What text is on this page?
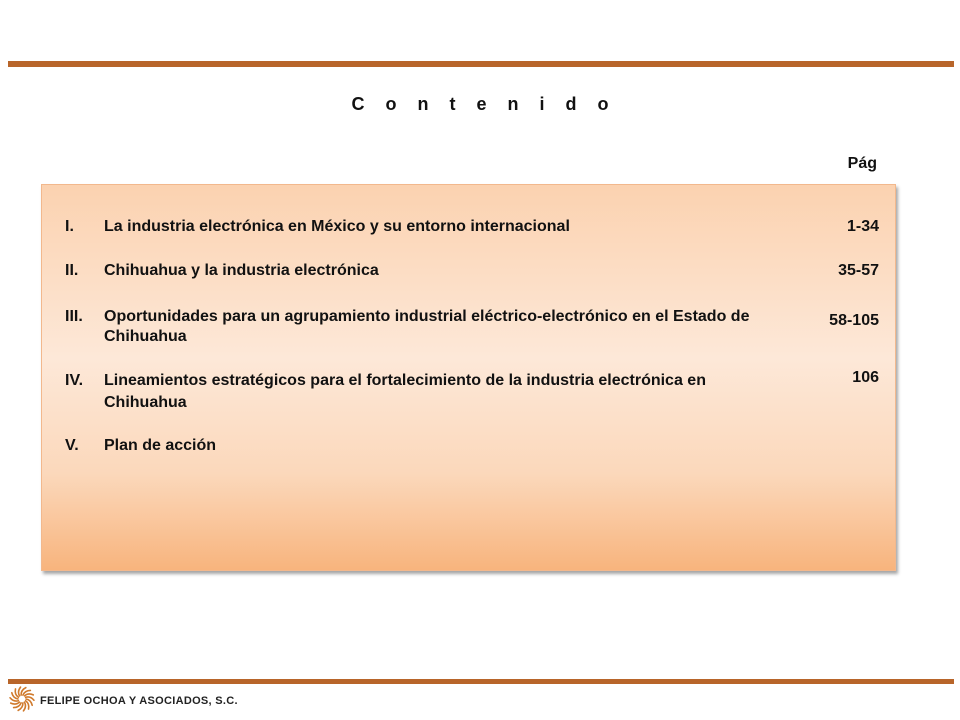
C o n t e n i d o
Pág
I. La industria electrónica en México y su entorno internacional	1-34
II. Chihuahua y la industria electrónica	35-57
III. Oportunidades para un agrupamiento industrial eléctrico-electrónico en el Estado de Chihuahua
58-105
IV. Lineamientos estratégicos para el fortalecimiento de la industria electrónica en Chihuahua
106
V. Plan de acción
FELIPE OCHOA Y ASOCIADOS, S.C.
